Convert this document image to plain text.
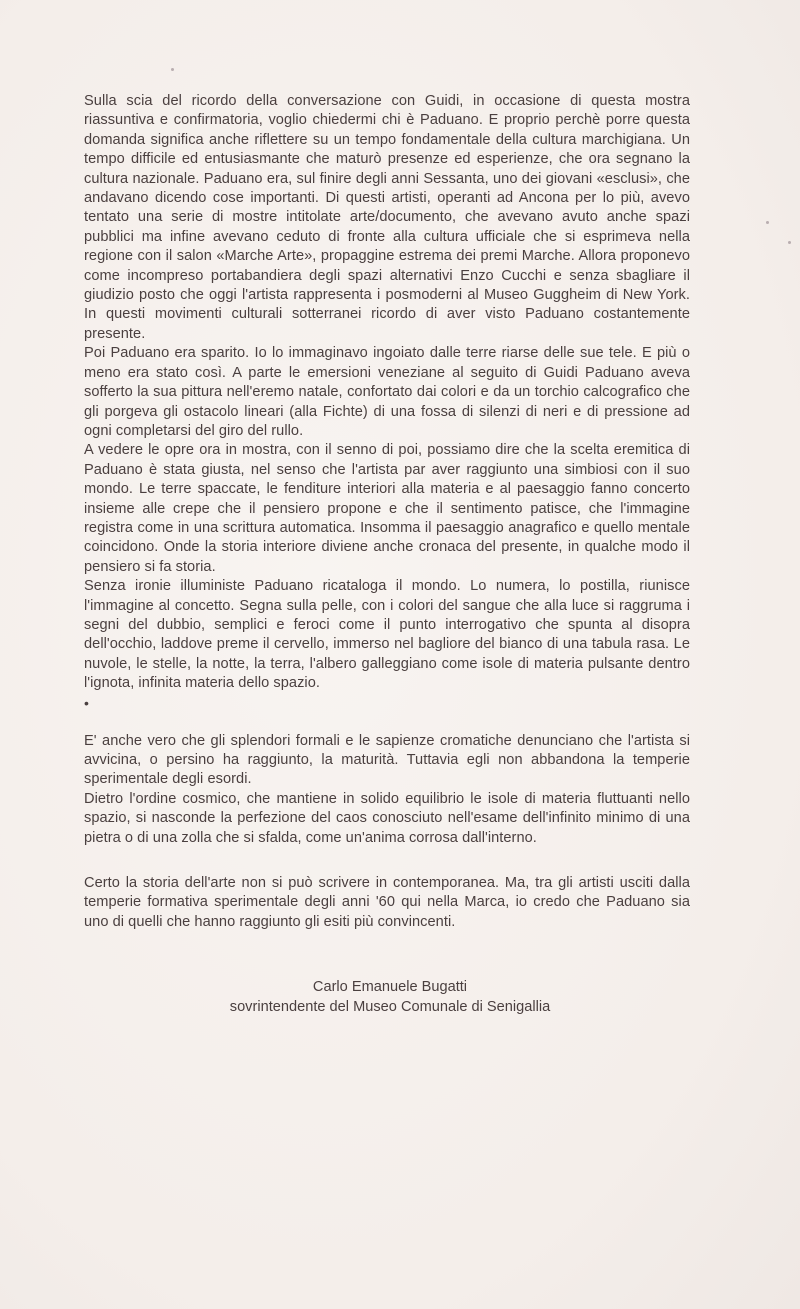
Sulla scia del ricordo della conversazione con Guidi, in occasione di questa mostra riassuntiva e confirmatoria, voglio chiedermi chi è Paduano. E proprio perchè porre questa domanda significa anche riflettere su un tempo fondamentale della cultura marchigiana. Un tempo difficile ed entusiasmante che maturò presenze ed esperienze, che ora segnano la cultura nazionale. Paduano era, sul finire degli anni Sessanta, uno dei giovani «esclusi», che andavano dicendo cose importanti. Di questi artisti, operanti ad Ancona per lo più, avevo tentato una serie di mostre intitolate arte/documento, che avevano avuto anche spazi pubblici ma infine avevano ceduto di fronte alla cultura ufficiale che si esprimeva nella regione con il salon «Marche Arte», propaggine estrema dei premi Marche. Allora proponevo come incompreso portabandiera degli spazi alternativi Enzo Cucchi e senza sbagliare il giudizio posto che oggi l'artista rappresenta i posmoderni al Museo Guggheim di New York. In questi movimenti culturali sotterranei ricordo di aver visto Paduano costantemente presente.

Poi Paduano era sparito. Io lo immaginavo ingoiato dalle terre riarse delle sue tele. E più o meno era stato così. A parte le emersioni veneziane al seguito di Guidi Paduano aveva sofferto la sua pittura nell'eremo natale, confortato dai colori e da un torchio calcografico che gli porgeva gli ostacolo lineari (alla Fichte) di una fossa di silenzi di neri e di pressione ad ogni completarsi del giro del rullo.

A vedere le opre ora in mostra, con il senno di poi, possiamo dire che la scelta eremitica di Paduano è stata giusta, nel senso che l'artista par aver raggiunto una simbiosi con il suo mondo. Le terre spaccate, le fenditure interiori alla materia e al paesaggio fanno concerto insieme alle crepe che il pensiero propone e che il sentimento patisce, che l'immagine registra come in una scrittura automatica. Insomma il paesaggio anagrafico e quello mentale coincidono. Onde la storia interiore diviene anche cronaca del presente, in qualche modo il pensiero si fa storia.

Senza ironie illuministe Paduano ricataloga il mondo. Lo numera, lo postilla, riunisce l'immagine al concetto. Segna sulla pelle, con i colori del sangue che alla luce si raggruma i segni del dubbio, semplici e feroci come il punto interrogativo che spunta al disopra dell'occhio, laddove preme il cervello, immerso nel bagliore del bianco di una tabula rasa. Le nuvole, le stelle, la notte, la terra, l'albero galleggiano come isole di materia pulsante dentro l'ignota, infinita materia dello spazio.

•

E' anche vero che gli splendori formali e le sapienze cromatiche denunciano che l'artista si avvicina, o persino ha raggiunto, la maturità. Tuttavia egli non abbandona la temperie sperimentale degli esordi.

Dietro l'ordine cosmico, che mantiene in solido equilibrio le isole di materia fluttuanti nello spazio, si nasconde la perfezione del caos conosciuto nell'esame dell'infinito minimo di una pietra o di una zolla che si sfalda, come un'anima corrosa dall'interno.

Certo la storia dell'arte non si può scrivere in contemporanea. Ma, tra gli artisti usciti dalla temperie formativa sperimentale degli anni '60 qui nella Marca, io credo che Paduano sia uno di quelli che hanno raggiunto gli esiti più convincenti.

Carlo Emanuele Bugatti
sovrintendente del Museo Comunale di Senigallia
